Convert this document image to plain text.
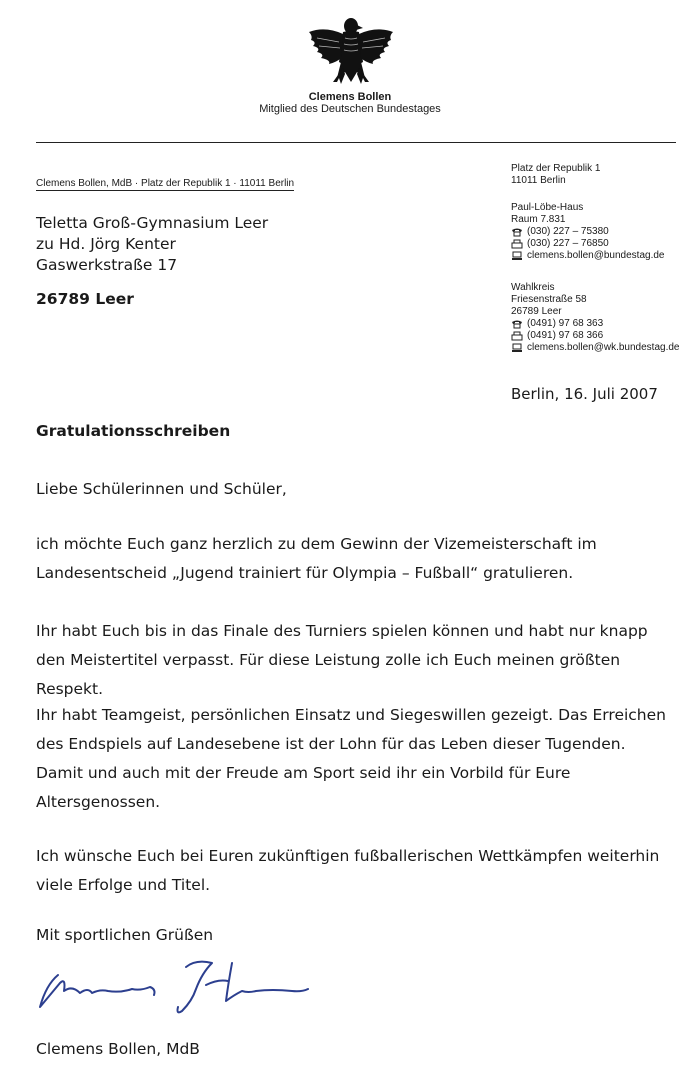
Clemens Bollen
Mitglied des Deutschen Bundestages
Clemens Bollen, MdB · Platz der Republik 1 · 11011 Berlin
Teletta Groß-Gymnasium Leer
zu Hd. Jörg Kenter
Gaswerkstraße 17
26789 Leer
Platz der Republik 1
11011 Berlin
Paul-Löbe-Haus
Raum 7.831
(030) 227 – 75380
(030) 227 – 76850
clemens.bollen@bundestag.de
Wahlkreis
Friesenstraße 58
26789 Leer
(0491) 97 68 363
(0491) 97 68 366
clemens.bollen@wk.bundestag.de
Berlin, 16. Juli 2007
Gratulationsschreiben
Liebe Schülerinnen und Schüler,
ich möchte Euch ganz herzlich zu dem Gewinn der Vizemeisterschaft im Landesentscheid „Jugend trainiert für Olympia – Fußball“ gratulieren.
Ihr habt Euch bis in das Finale des Turniers spielen können und habt nur knapp den Meistertitel verpasst. Für diese Leistung zolle ich Euch meinen größten Respekt.
Ihr habt Teamgeist, persönlichen Einsatz und Siegeswillen gezeigt. Das Erreichen des Endspiels auf Landesebene ist der Lohn für das Leben dieser Tugenden. Damit und auch mit der Freude am Sport seid ihr ein Vorbild für Eure Altersgenossen.
Ich wünsche Euch bei Euren zukünftigen fußballerischen Wettkämpfen weiterhin viele Erfolge und Titel.
Mit sportlichen Grüßen
Clemens Bollen, MdB
